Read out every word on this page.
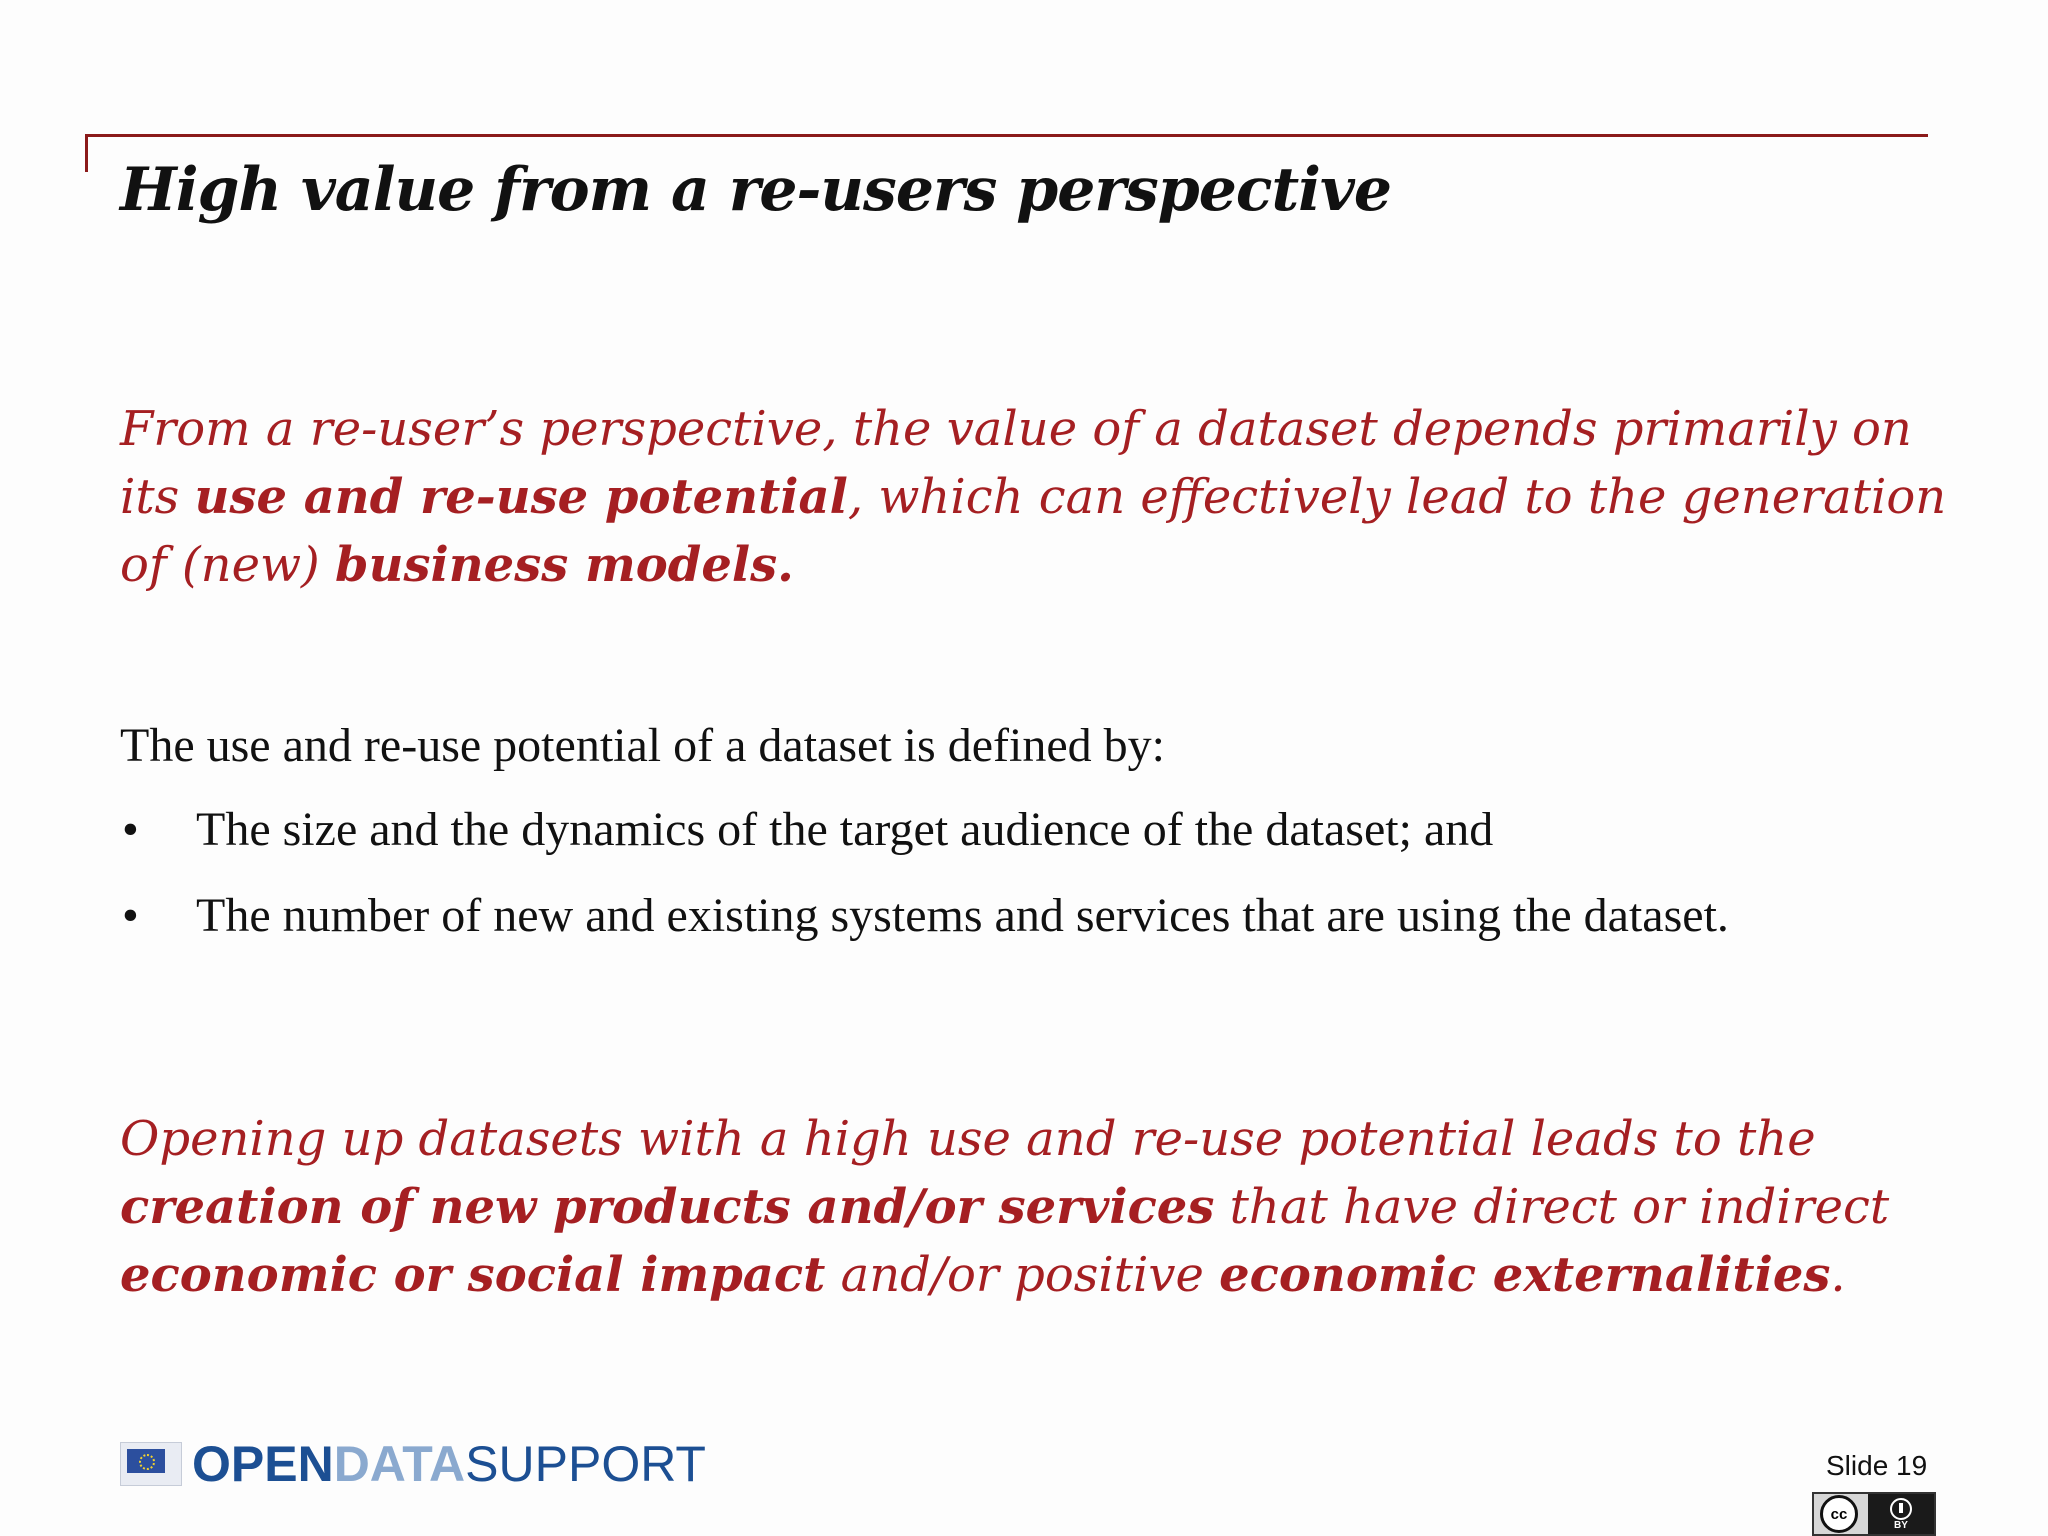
High value from a re-users perspective
From a re-user’s perspective, the value of a dataset depends primarily on its use and re-use potential, which can effectively lead to the generation of (new) business models.
The use and re-use potential of a dataset is defined by:
• The size and the dynamics of the target audience of the dataset; and
• The number of new and existing systems and services that are using the dataset.
Opening up datasets with a high use and re-use potential leads to the creation of new products and/or services that have direct or indirect economic or social impact and/or positive economic externalities.
OPENDATASUPPORT	Slide 19
cc
BY
